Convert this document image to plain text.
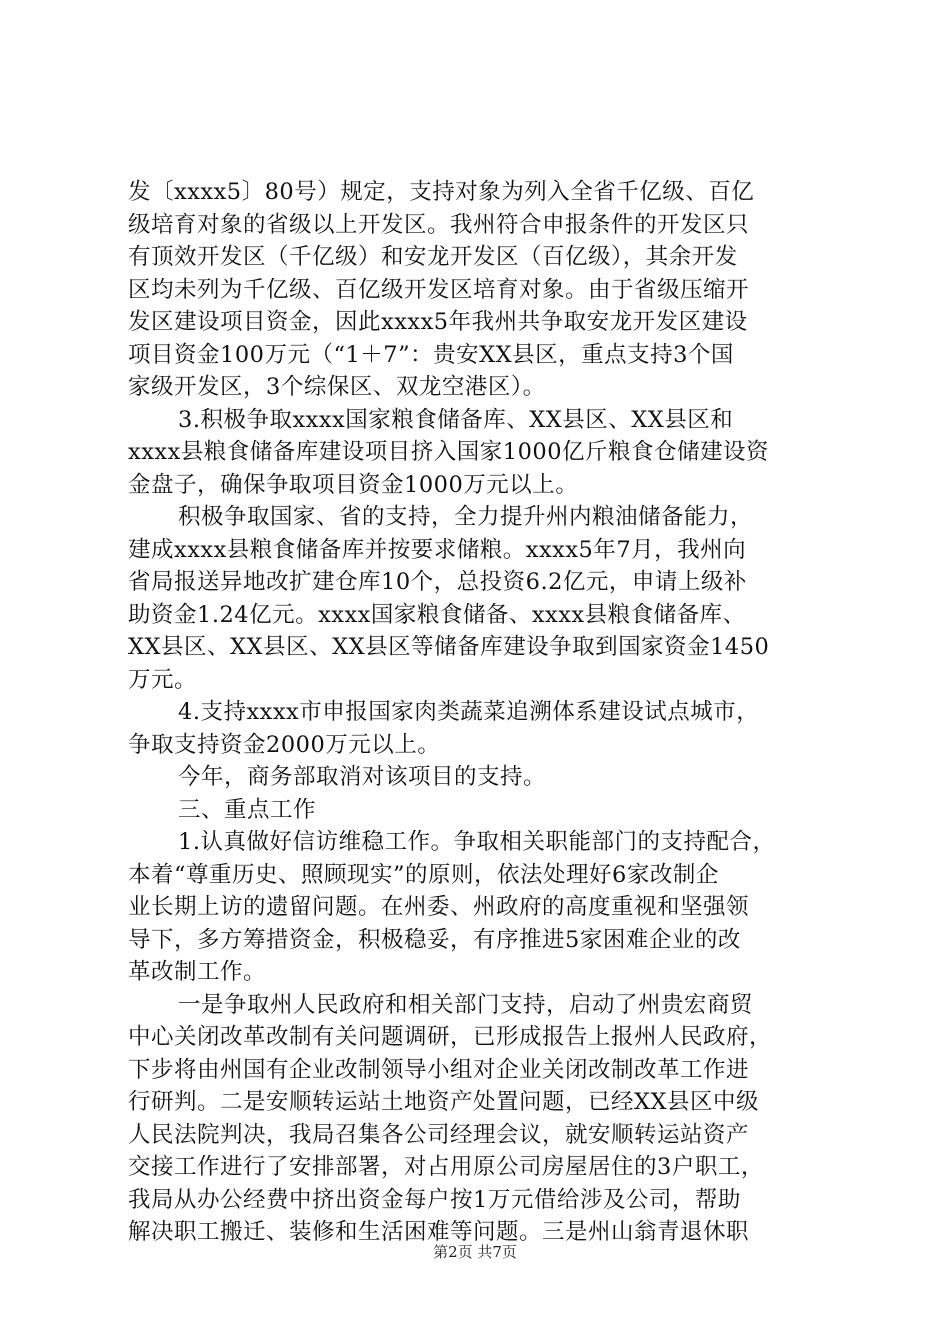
发〔xxxx5〕80号）规定，支持对象为列入全省千亿级、百亿
级培育对象的省级以上开发区。我州符合申报条件的开发区只
有顶效开发区（千亿级）和安龙开发区（百亿级），其余开发
区均未列为千亿级、百亿级开发区培育对象。由于省级压缩开
发区建设项目资金，因此xxxx5年我州共争取安龙开发区建设
项目资金100万元（“1＋7”：贵安XX县区，重点支持3个国
家级开发区，3个综保区、双龙空港区）。
3.积极争取xxxx国家粮食储备库、XX县区、XX县区和
xxxx县粮食储备库建设项目挤入国家1000亿斤粮食仓储建设资
金盘子，确保争取项目资金1000万元以上。
积极争取国家、省的支持，全力提升州内粮油储备能力，
建成xxxx县粮食储备库并按要求储粮。xxxx5年7月，我州向
省局报送异地改扩建仓库10个，总投资6.2亿元，申请上级补
助资金1.24亿元。xxxx国家粮食储备、xxxx县粮食储备库、
XX县区、XX县区、XX县区等储备库建设争取到国家资金1450
万元。
4.支持xxxx市申报国家肉类蔬菜追溯体系建设试点城市，
争取支持资金2000万元以上。
今年，商务部取消对该项目的支持。
三、重点工作
1.认真做好信访维稳工作。争取相关职能部门的支持配合，
本着“尊重历史、照顾现实”的原则，依法处理好6家改制企
业长期上访的遗留问题。在州委、州政府的高度重视和坚强领
导下，多方筹措资金，积极稳妥，有序推进5家困难企业的改
革改制工作。
一是争取州人民政府和相关部门支持，启动了州贵宏商贸
中心关闭改革改制有关问题调研，已形成报告上报州人民政府，
下步将由州国有企业改制领导小组对企业关闭改制改革工作进
行研判。二是安顺转运站土地资产处置问题，已经XX县区中级
人民法院判决，我局召集各公司经理会议，就安顺转运站资产
交接工作进行了安排部署，对占用原公司房屋居住的3户职工，
我局从办公经费中挤出资金每户按1万元借给涉及公司，帮助
解决职工搬迁、装修和生活困难等问题。三是州山翁青退休职
第2页 共7页
